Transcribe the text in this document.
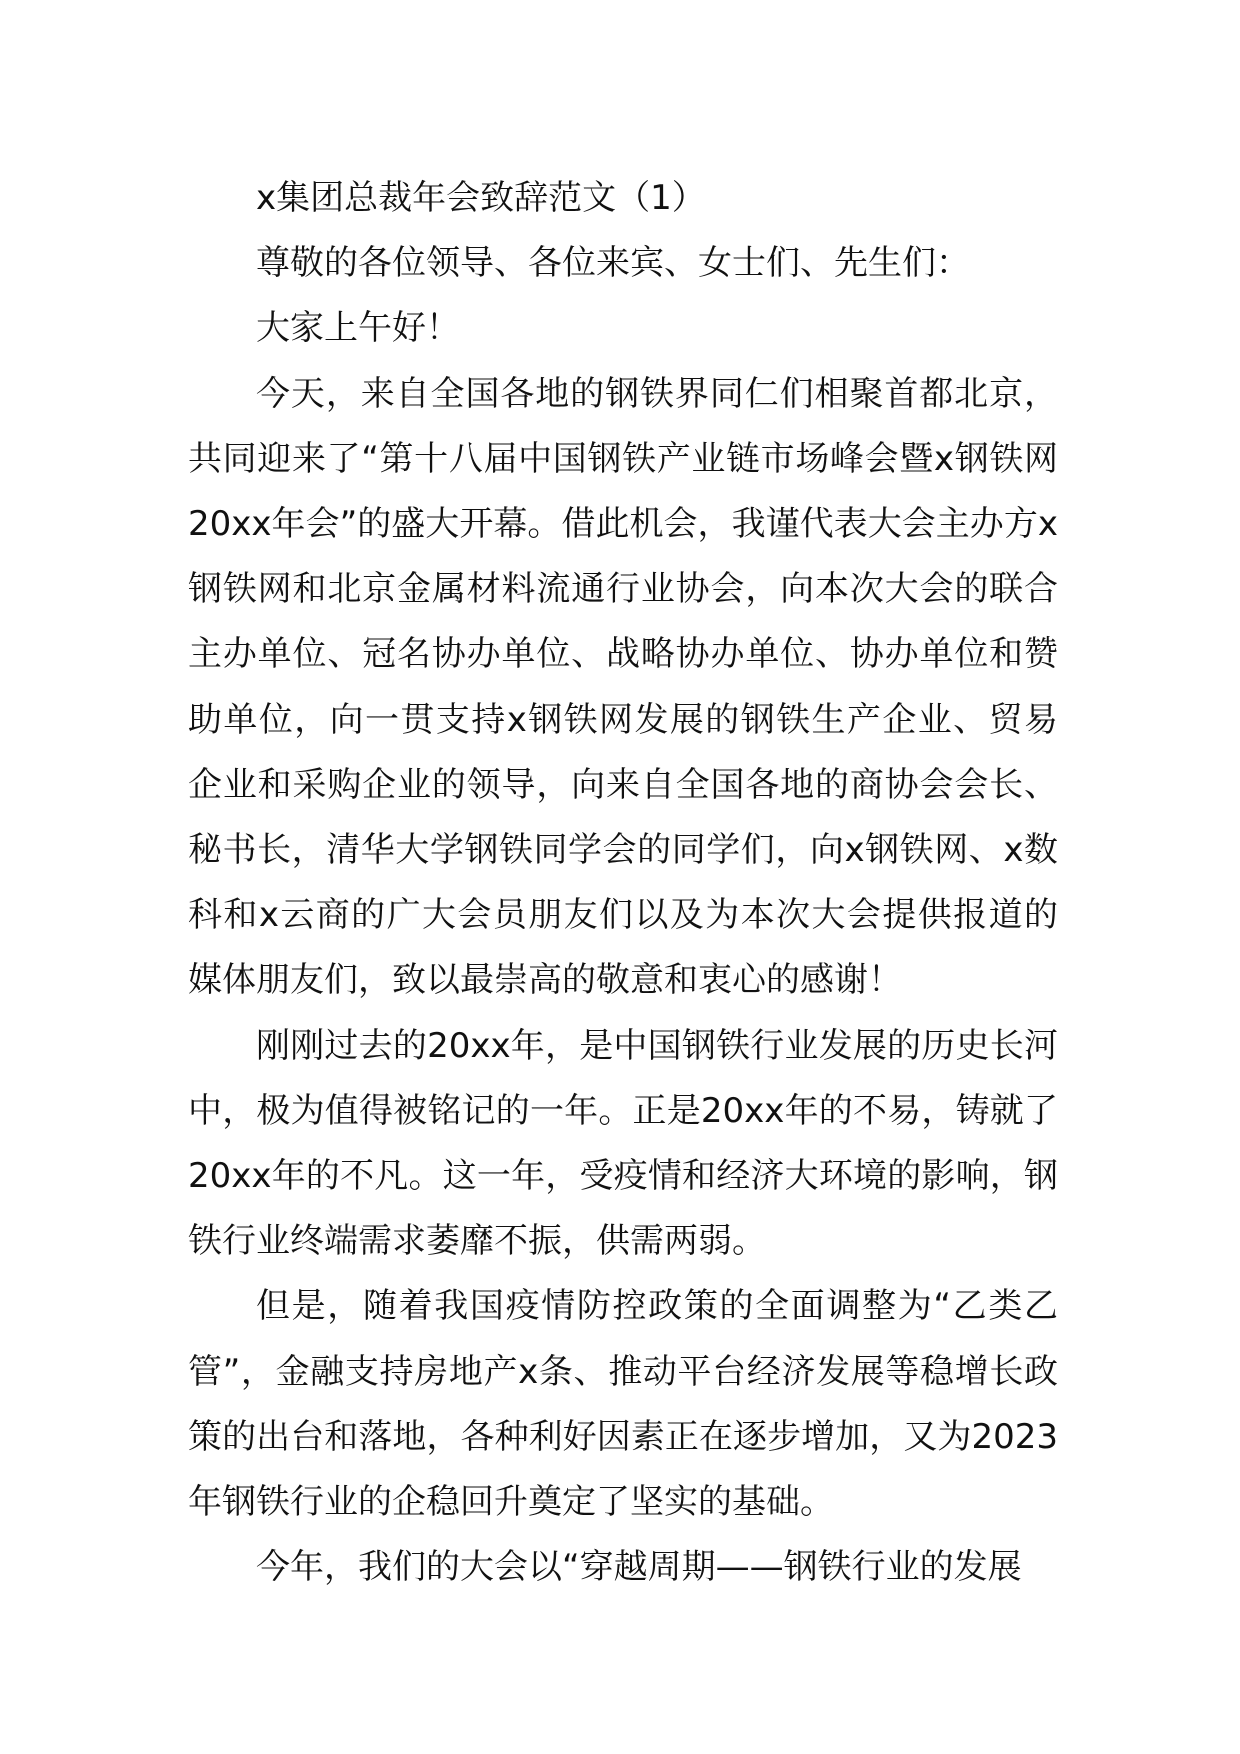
x集团总裁年会致辞范文（1）

尊敬的各位领导、各位来宾、女士们、先生们：

大家上午好！

今天，来自全国各地的钢铁界同仁们相聚首都北京，共同迎来了“第十八届中国钢铁产业链市场峰会暨x钢铁网20xx年会”的盛大开幕。借此机会，我谨代表大会主办方x钢铁网和北京金属材料流通行业协会，向本次大会的联合主办单位、冠名协办单位、战略协办单位、协办单位和赞助单位，向一贯支持x钢铁网发展的钢铁生产企业、贸易企业和采购企业的领导，向来自全国各地的商协会会长、秘书长，清华大学钢铁同学会的同学们，向x钢铁网、x数科和x云商的广大会员朋友们以及为本次大会提供报道的媒体朋友们，致以最崇高的敬意和衷心的感谢！

刚刚过去的20xx年，是中国钢铁行业发展的历史长河中，极为值得被铭记的一年。正是20xx年的不易，铸就了20xx年的不凡。这一年，受疫情和经济大环境的影响，钢铁行业终端需求萎靡不振，供需两弱。

但是，随着我国疫情防控政策的全面调整为“乙类乙管”，金融支持房地产x条、推动平台经济发展等稳增长政策的出台和落地，各种利好因素正在逐步增加，又为2023年钢铁行业的企稳回升奠定了坚实的基础。

今年，我们的大会以“穿越周期——钢铁行业的发展
